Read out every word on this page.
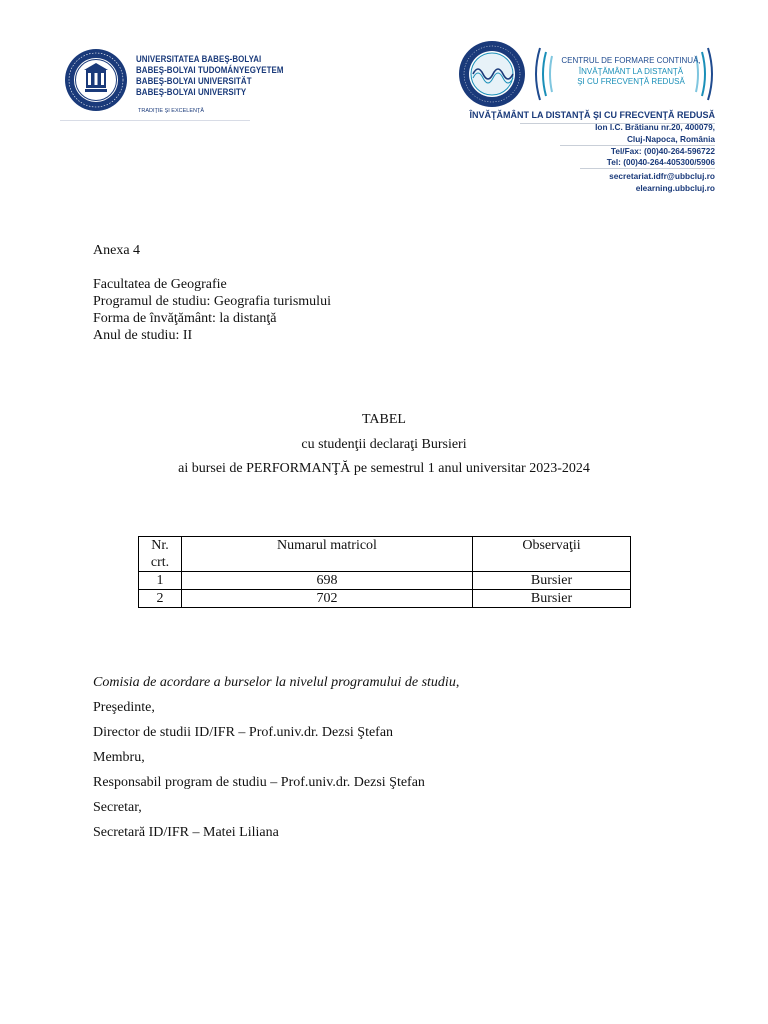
UNIVERSITATEA BABEŞ-BOLYAI
BABEŞ-BOLYAI TUDOMÁNYEGYETEM
BABEŞ-BOLYAI UNIVERSITÄT
BABEŞ-BOLYAI UNIVERSITY
TRADIŢIE ŞI EXCELENŢĂ
CENTRUL DE FORMARE CONTINUĂ,
ÎNVĂŢĂMÂNT LA DISTANŢĂ
ŞI CU FRECVENŢĂ REDUSĂ
ÎNVĂŢĂMÂNT LA DISTANŢĂ ŞI CU FRECVENŢĂ REDUSĂ
Ion I.C. Brătianu nr.20, 400079,
Cluj-Napoca, România
Tel/Fax: (00)40-264-596722
Tel: (00)40-264-405300/5906
secretariat.idfr@ubbcluj.ro
elearning.ubbcluj.ro
Anexa 4
Facultatea de Geografie
Programul de studiu: Geografia turismului
Forma de învăţământ: la distanţă
Anul de studiu: II
TABEL
cu studenţii declaraţi Bursieri
ai bursei de PERFORMANŢĂ pe semestrul 1 anul universitar 2023-2024
Nr. crt.	Numarul matricol	Observaţii
1	698	Bursier
2	702	Bursier
Comisia de acordare a burselor la nivelul programului de studiu,
Preşedinte,
Director de studii ID/IFR – Prof.univ.dr. Dezsi Ştefan
Membru,
Responsabil program de studiu – Prof.univ.dr. Dezsi Ştefan
Secretar,
Secretară ID/IFR – Matei Liliana
